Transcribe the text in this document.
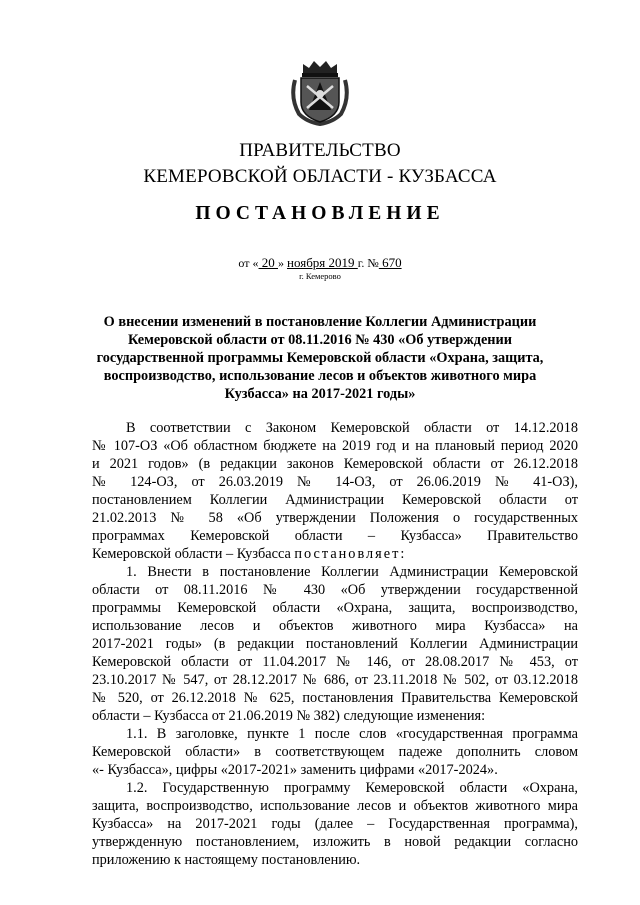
ПРАВИТЕЛЬСТВО
КЕМЕРОВСКОЙ ОБЛАСТИ - КУЗБАССА
ПОСТАНОВЛЕНИЕ
от « 20 » ноября 2019 г. № 670
г. Кемерово
О внесении изменений в постановление Коллегии Администрации
Кемеровской области от 08.11.2016 № 430 «Об утверждении
государственной программы Кемеровской области «Охрана, защита,
воспроизводство, использование лесов и объектов животного мира
Кузбасса» на 2017-2021 годы»
В соответствии с Законом Кемеровской области от 14.12.2018
№ 107-ОЗ «Об областном бюджете на 2019 год и на плановый период 2020
и 2021 годов» (в редакции законов Кемеровской области от 26.12.2018
№ 124-ОЗ, от 26.03.2019 № 14-ОЗ, от 26.06.2019 № 41-ОЗ),
постановлением Коллегии Администрации Кемеровской области от
21.02.2013 № 58 «Об утверждении Положения о государственных
программах Кемеровской области – Кузбасса» Правительство
Кемеровской области – Кузбасса постановляет:
1. Внести в постановление Коллегии Администрации Кемеровской
области от 08.11.2016 № 430 «Об утверждении государственной
программы Кемеровской области «Охрана, защита, воспроизводство,
использование лесов и объектов животного мира Кузбасса» на
2017-2021 годы» (в редакции постановлений Коллегии Администрации
Кемеровской области от 11.04.2017 № 146, от 28.08.2017 № 453, от
23.10.2017 № 547, от 28.12.2017 № 686, от 23.11.2018 № 502, от 03.12.2018
№ 520, от 26.12.2018 № 625, постановления Правительства Кемеровской
области – Кузбасса от 21.06.2019 № 382) следующие изменения:
1.1. В заголовке, пункте 1 после слов «государственная программа
Кемеровской области» в соответствующем падеже дополнить словом
«- Кузбасса», цифры «2017-2021» заменить цифрами «2017-2024».
1.2. Государственную программу Кемеровской области «Охрана,
защита, воспроизводство, использование лесов и объектов животного мира
Кузбасса» на 2017-2021 годы (далее – Государственная программа),
утвержденную постановлением, изложить в новой редакции согласно
приложению к настоящему постановлению.
